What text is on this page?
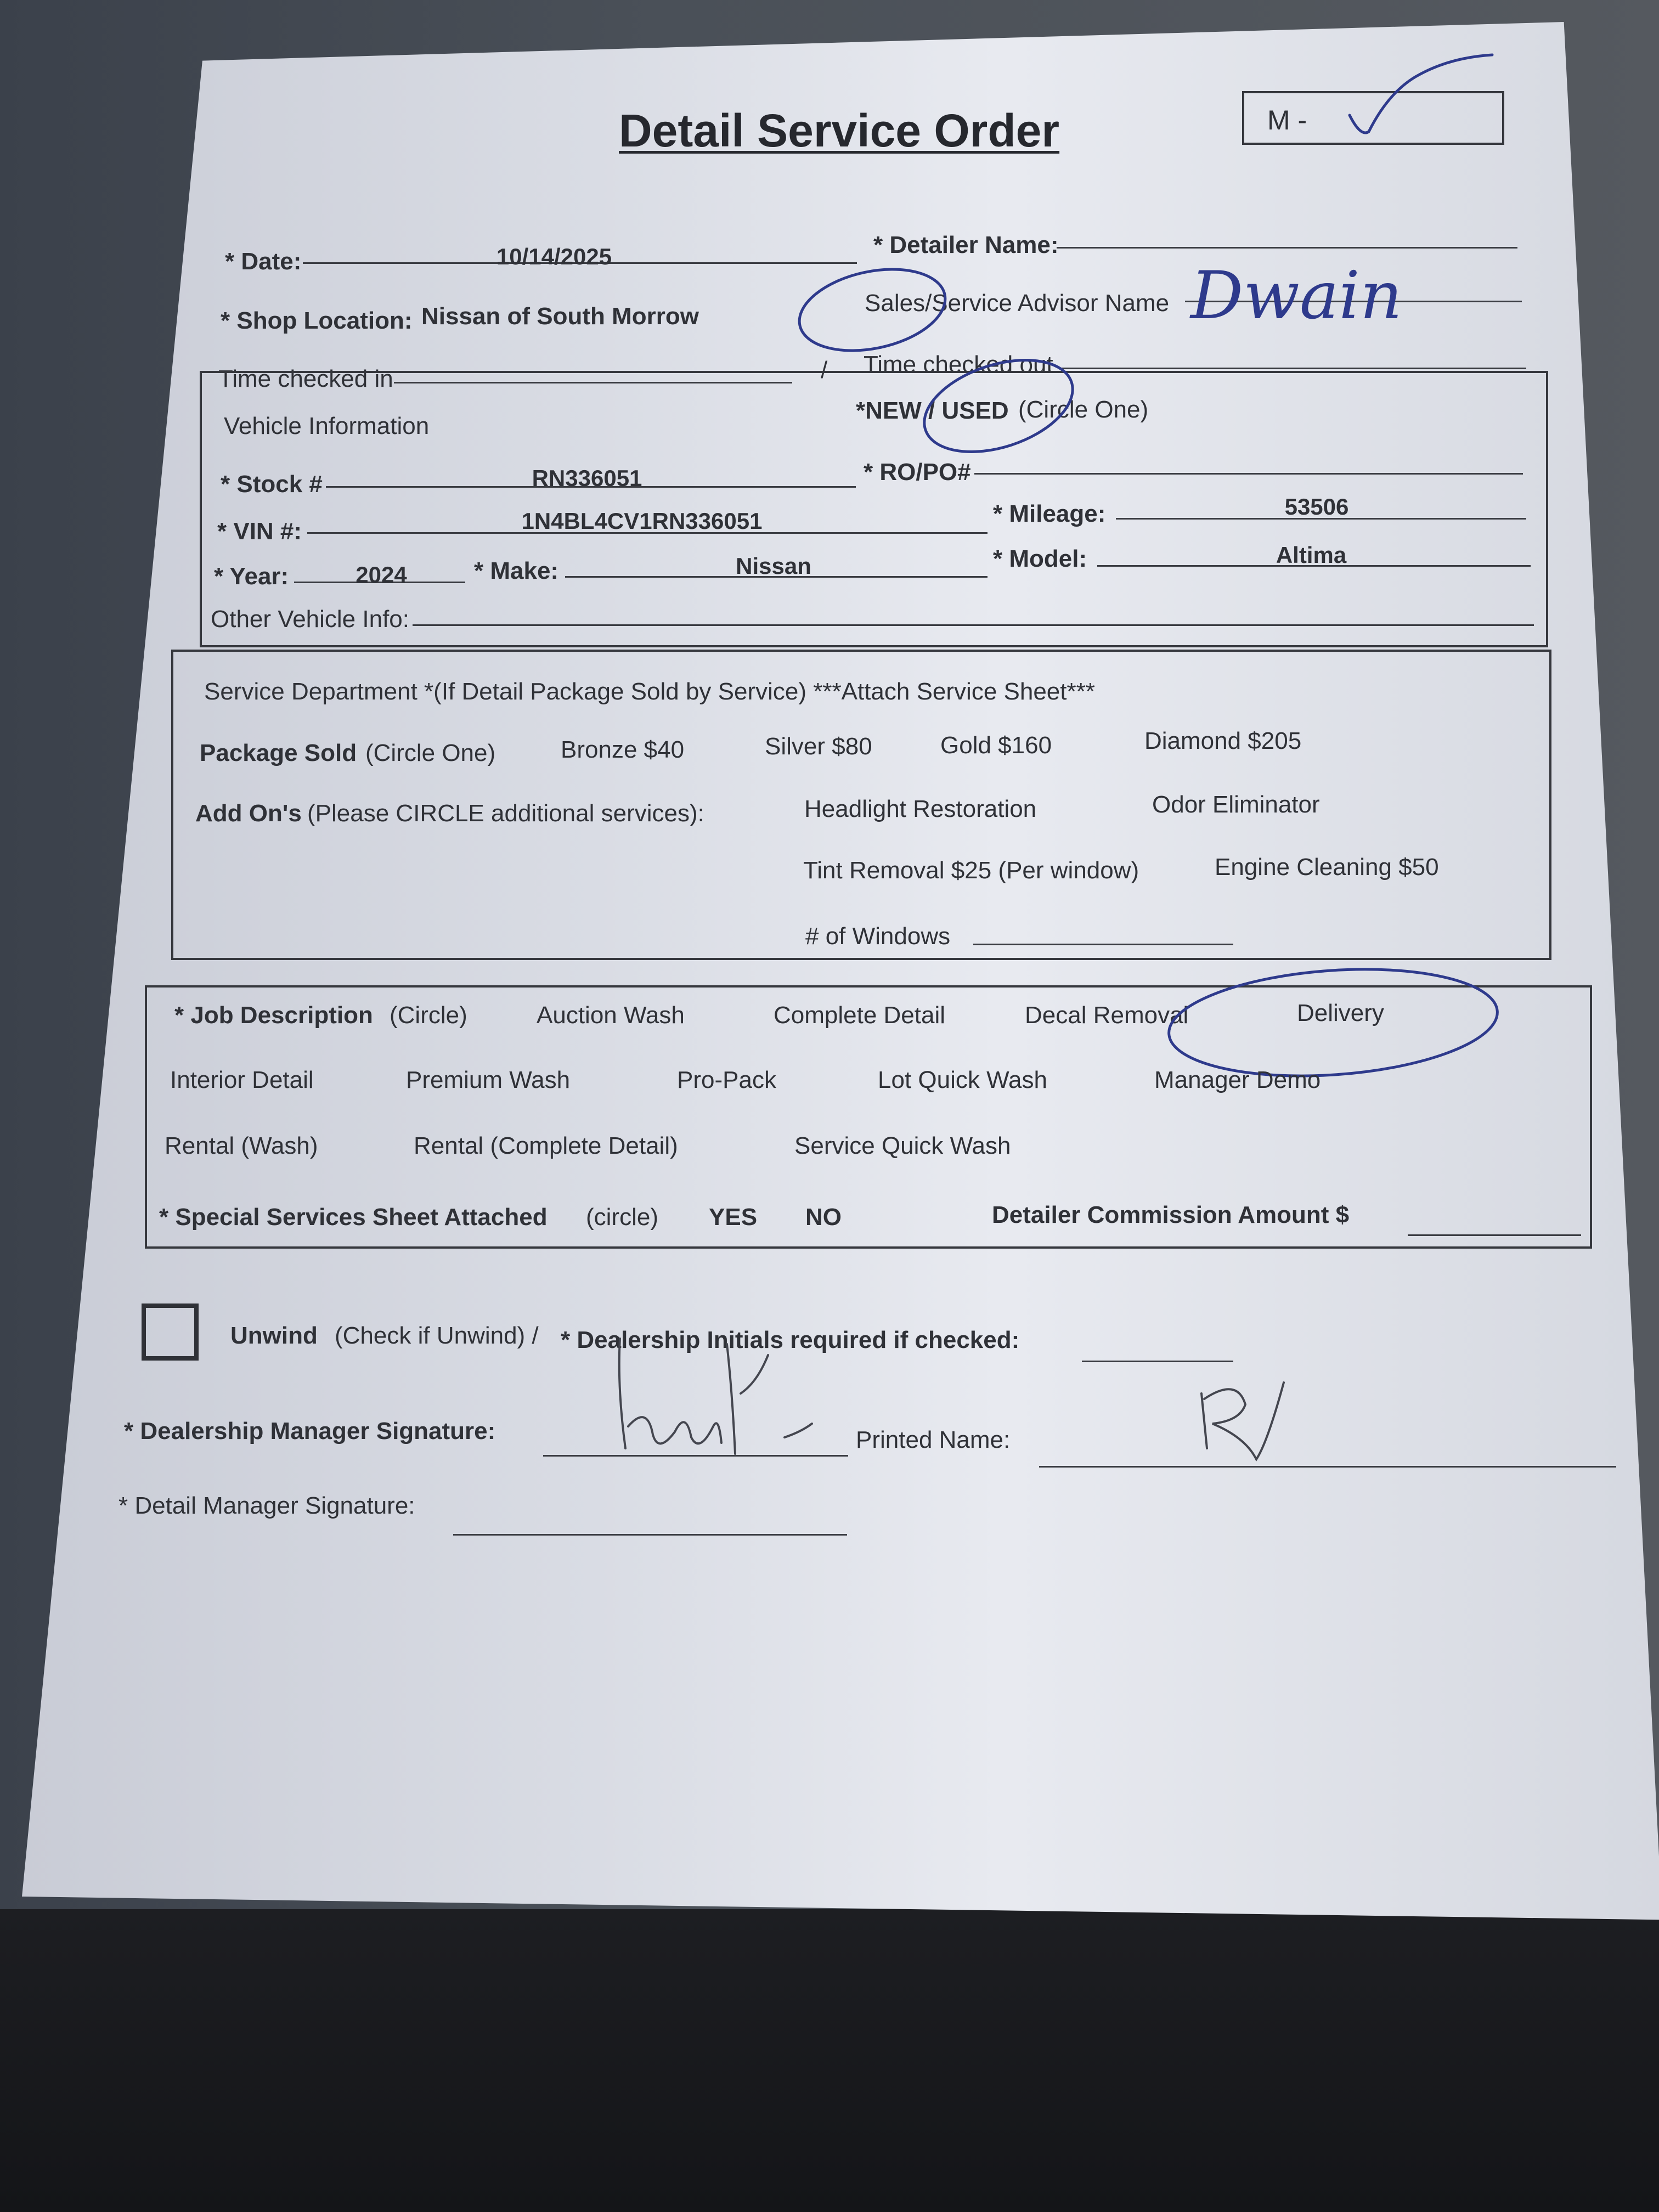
Detail Service Order	M -
* Date:	10/14/2025	* Detailer Name:
* Shop Location: Nissan of South Morrow	Sales/Service Advisor Name Dwain
Time checked in	/ Time checked out
Vehicle Information
*NEW / USED (Circle One)
* Stock #	RN336051	* RO/PO#
* VIN #:	1N4BL4CV1RN336051	* Mileage:	53506
* Year:	2024	* Make:	Nissan	* Model:	Altima
Other Vehicle Info:
Service Department *(If Detail Package Sold by Service) ***Attach Service Sheet***
Package Sold (Circle One)	Bronze $40	Silver $80	Gold $160	Diamond $205
Add On's (Please CIRCLE additional services):	Headlight Restoration	Odor Eliminator
Tint Removal $25 (Per window)	Engine Cleaning $50
# of Windows
* Job Description (Circle)	Auction Wash	Complete Detail	Decal Removal	Delivery
Interior Detail	Premium Wash	Pro-Pack	Lot Quick Wash	Manager Demo
Rental (Wash)	Rental (Complete Detail)	Service Quick Wash
* Special Services Sheet Attached (circle) YES NO	Detailer Commission Amount $
Unwind (Check if Unwind) / * Dealership Initials required if checked:
* Dealership Manager Signature:	Printed Name:
* Detail Manager Signature:
